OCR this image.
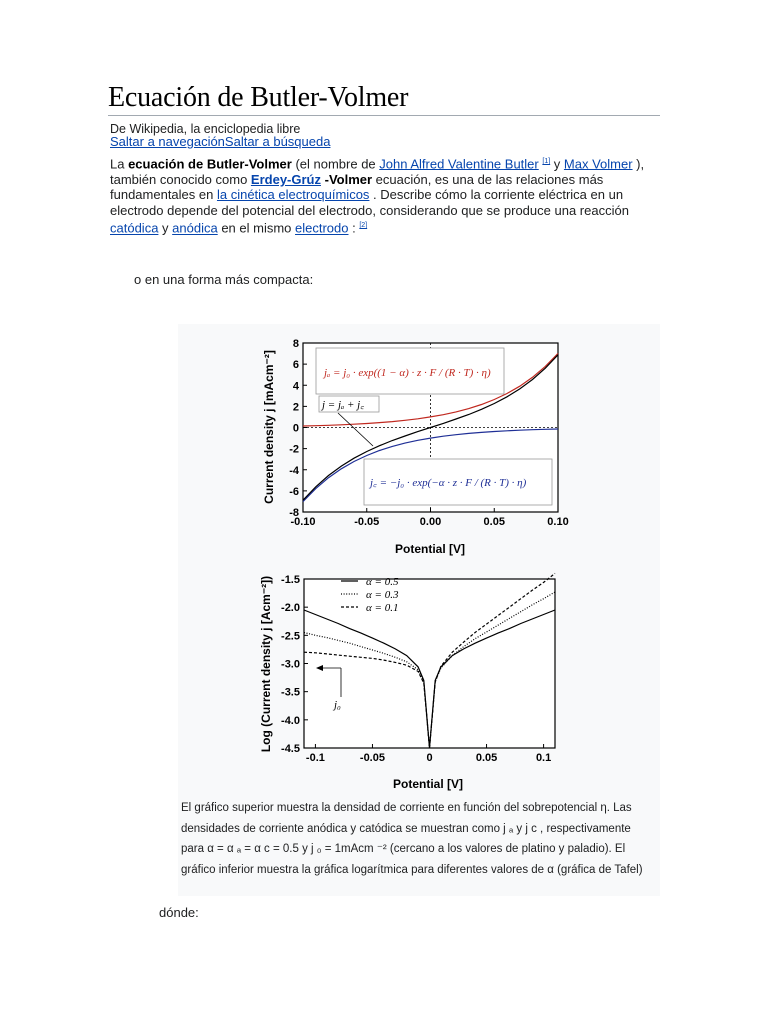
Ecuación de Butler-Volmer
De Wikipedia, la enciclopedia libre
Saltar a navegaciónSaltar a búsqueda

La ecuación de Butler-Volmer (el nombre de John Alfred Valentine Butler [1] y Max Volmer ), también conocido como Erdey-Grúz -Volmer ecuación, es una de las relaciones más fundamentales en la cinética electroquímicos . Describe cómo la corriente eléctrica en un electrodo depende del potencial del electrodo, considerando que se produce una reacción catódica y anódica en el mismo electrodo : [2]

o en una forma más compacta:
-0.10	-0.05	0.00	0.05	0.10
8
6
4
2
0
-2
-4
-6
-8
jₐ = j₀ · exp((1 − α) · z · F / (R · T) · η)
j = jₐ + j꜀
j꜀ = −j₀ · exp(−α · z · F / (R · T) · η)
Potential [V]
Current density j [mAcm⁻²]
-0.1	-0.05	0	0.05	0.1
-1.5
-2.0
-2.5
-3.0
-3.5
-4.0
-4.5
α = 0.5
α = 0.3
α = 0.1
j₀
Potential [V]
Log (Current density j [Acm⁻²])
El gráfico superior muestra la densidad de corriente en función del sobrepotencial η. Las densidades de corriente anódica y catódica se muestran como j ₐ y j c , respectivamente para α = α ₐ = α c = 0.5 y j ₀ = 1mAcm ⁻² (cercano a los valores de platino y paladio). El gráfico inferior muestra la gráfica logarítmica para diferentes valores de α (gráfica de Tafel)
dónde:
